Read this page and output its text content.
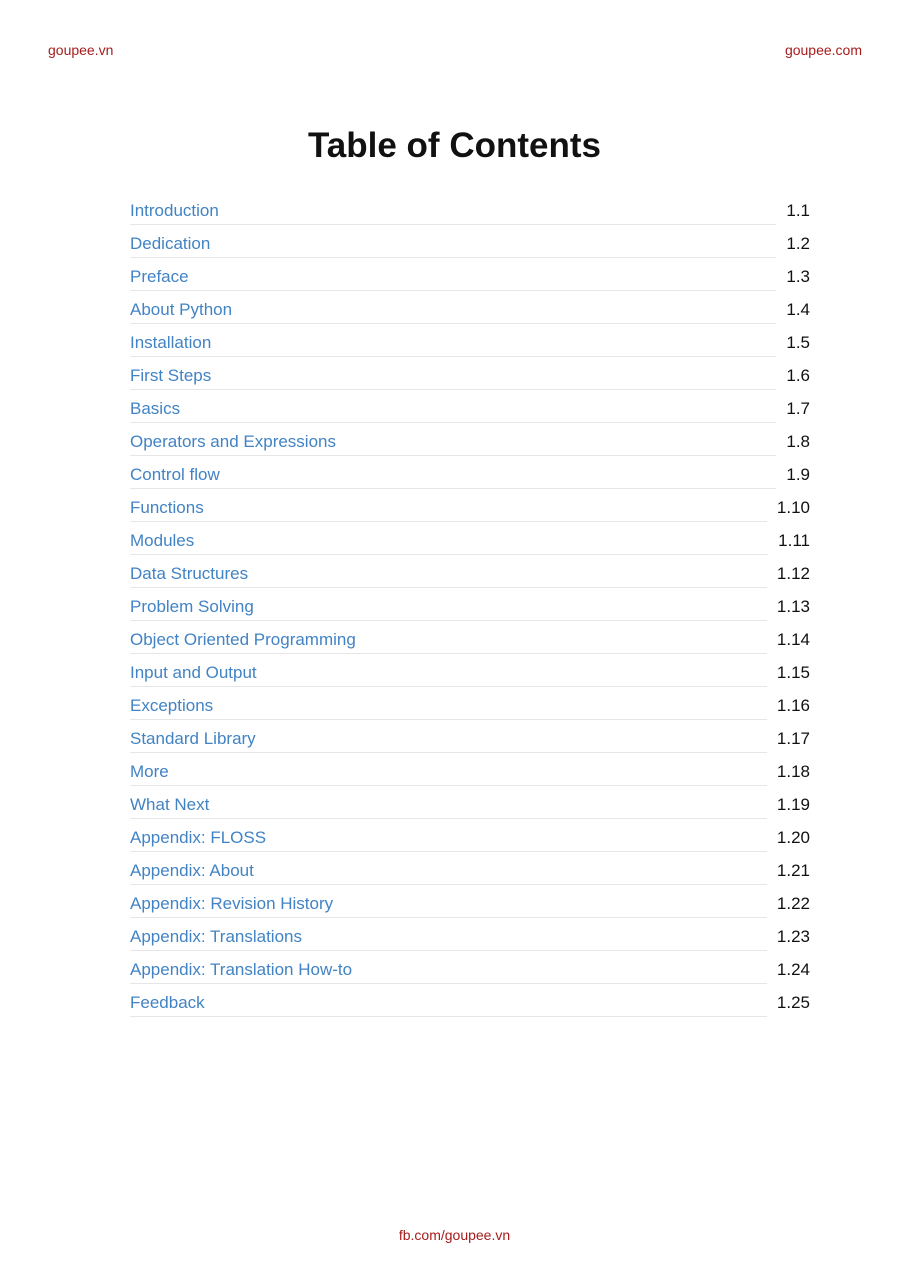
goupee.vn	goupee.com
Table of Contents
Introduction	1.1
Dedication	1.2
Preface	1.3
About Python	1.4
Installation	1.5
First Steps	1.6
Basics	1.7
Operators and Expressions	1.8
Control flow	1.9
Functions	1.10
Modules	1.11
Data Structures	1.12
Problem Solving	1.13
Object Oriented Programming	1.14
Input and Output	1.15
Exceptions	1.16
Standard Library	1.17
More	1.18
What Next	1.19
Appendix: FLOSS	1.20
Appendix: About	1.21
Appendix: Revision History	1.22
Appendix: Translations	1.23
Appendix: Translation How-to	1.24
Feedback	1.25
fb.com/goupee.vn
